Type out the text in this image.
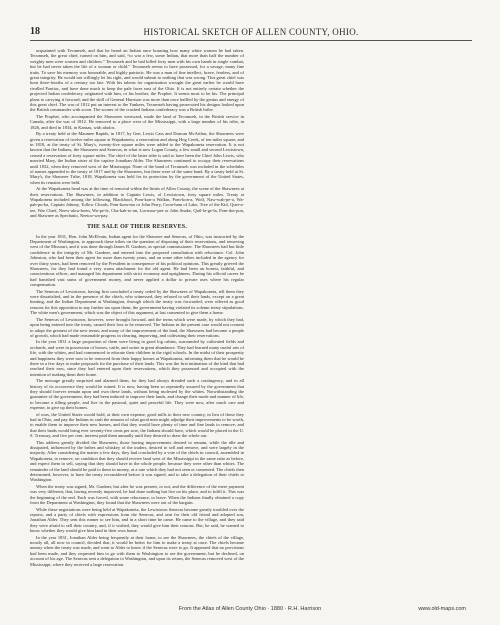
18	HISTORICAL SKETCH OF ALLEN COUNTY, OHIO.

acquainted with Tecumseh, and that he heard an Indian once boasting how many white women he had taken. Tecumseh, the great chief, turned on him, and said, “to war a few, some Indian, that more than half the number of weighty men were women and children.” Tecumseh and he had killed forty men with his own hands in single combat, but he had never taken the life of a woman or child.” Tecumseh seems to have possessed, for a savage, many fine traits. To save his memory was honorable, and highly patriotic. He was a man of fine intellect, brave, fearless, and of great integrity. He would not willingly let his right, and would submit to nothing that was wrong. This great chief was born three-fourths of a century too late. With his talents for organization wrought the great earlier he would have rivalled Pontiac, and have done much to keep the pale faces east of the Ohio. It is not entirely certain whether the projected Indian confederacy originated with him, or his brother, the Prophet. It seems most to be his. The principal plans to carrying it forward; and the skill of General Harrison was more than once baffled by the genius and energy of this great chief. The war of 1812 put an interest to the Yankees, Tecumseh having prosecuted his designs looked upon the British commander with scorn. The sooner of the crushed Indians confederacy was a British bribe.

The Prophet, who accompanied the Shawnees westward, made the land of Tecumseh, in the British service in Canada, after the war of 1812. He removed to a place west of the Mississippi, with a large number of his tribe, in 1826, and died in 1834, in Kansas, with abolos.

By a treaty held at the Maumee Rapids, in 1817, by Gen. Lewis Cass and Duncan McArthur, the Shawnees were given a reservation of twelve miles square at Wapakoneta, a reservation and along Hog Creek, of ten miles square; and in 1818, at the treaty of St. Mary's, twenty-five square miles were added to the Wapakoneta reservation. It is not known that the Indians, the Shawnees and Senecas, in what is now Logan County, a few small and second Lewistown, ceased a reservation of forty square miles. The chief of the latter tribe is said to have been the Chief John Lewis, who married Mary, the Indian sister of the captive Jonathan Alder. The Shawnees continued to occupy their reservations until 1832, when they removed west of the Mississippi. None of the band of Tecumseh was included in the schedules of names appended to the treaty of 1817 and by the Shawnees, but these were of the same band. By a treaty held at St. Mary's, the Shawnee Tribe, 1818, Wapakoneta was held for its protection by the government of the United States, when its remains were held.

At the Wapakoneta head was at the time of removal within the limits of Allen County, the scene of the Shawnees at their reservations. The Shawnees, in addition to Captain Lewis, of Lewistown, forty square miles. Treaty at Wapakoneta included among the following, Blackhoof, Pom-kon-a Walkin, Pom-kon-a, Wolf, Naw-wah-pe-a, Wa-pah-pu-ka, Captain Johnny, Tollow Clouds, Pom-kom-mo or John Perry, Coon-ham of Lake, Tree of the Kid, Quer-a-iee, War Chief, Neew-alow-keen, Wo-pe-le, Cha-kah-to-an, Lia-maw-pee or John Snake, Quil-la-ge-la, Pom-dot-pon, and Shawnee as Spechatto, Neetoo-wa-pay.

THE SALE OF THEIR RESERVES.

In the year 1831, Hon. John McElvain, Indian agent for the Shawnee and Senecas, of Ohio, was instructed by the Department of Washington, to approach these tribes on the question of disposing of their reservations, and removing west of the Missouri, and it was done through James B. Gardner, as special commissioner. The Shawnees had but little confidence in the integrity of Mr. Gardner, and entered into the proposed consultation with reluctance. Col. John Johnston, who had been their agent for more than twenty years, and on some other tribes included in the agency for over thirty years, had been removed by the President in consequence of his political opinions. This greatly grieved the Shawnees, for they had found a very warm attachment for the old agent. He had been an honest, faithful, and conscientious officer, and managed his department with strict economy and uprightness. During his official career he had banished vast sums of government money, and never applied a dollar to private uses where his regular compensation.

The Senecas of Lewistown, having first concluded a treaty ceded by the Shawnees of Wapakoneta, tell them they were dissatisfied, and in the presence of the chiefs, who witnessed, they refused to sell their lands, except on a great hunting, and the Indian Department at Washington, through which the treaty was forwarded, were offered as good reasons for this opposition to any further tax upon them; the government having violated its solemn treaty stipulations. The white men's government, which was the object of this argument, at last consented to give them a home.

The Senecas of Lewistown, however, were brought forward, and the terms which were made, by which they had, upon being entered into the treaty, caused their loss to be removed. The Indians in the present case would not consent to adopt the greatest of the new terms; and many of the improvement of the land, the Shawnees had become a people of growth, which had made reasonable progress in clearing, improving, and cultivating their reservations.

In the year 1831 a large proportion of them were living in good log cabins, surrounded by cultivated fields and orchards, and were in possession of horses, cattle, and swine in great abundance. They had learned many useful arts of life, with the whites, and had commenced to educate their children in the rigid schools. In the midst of their prosperity and happiness they were now to be removed from their happy homes at Wapakoneta, informing them that he would be there in a few days to make proposals for the purchase of their lands. This was the first intimation of the kind that had reached their ears, since they had entered upon their reservations, which they possessed and occupied with the intention of making them their home.

The message greatly surprised and alarmed them, for they had always dreaded such a contingency, and in all history of its occurrence they would be ruined. It is now, having been so repeatedly assured by the government that they should forever remain upon and own these lands, without being molested by the whites. Notwithstanding the guarantee of the government, they had been induced to improve their lands, and change their mode and manner of life, to become a tilling people, and live in the pastoral, quiet and peaceful life. They were now, after much care and expense, to give up their homes.

of ours, the United States would hold, at their own expense, good mills to their new country, in lieu of those they had in Ohio, and pay the Indians in cash the amount of what good men might adjudge their improvements to be worth, to enable them to improve their new homes, and that they would have plenty of time and fine lands to remove; and that their lands would bring ever seventy-five cents per acre, the Indians should have, which would be placed in the U. S. Treasury, and five per cent. interest paid them annually until they desired to draw the whole out.

This address greatly divided the Shawnees; those having improvements desired to remain, while the idle and dissipated, influenced by the bribes and whiskey of the traders, desired to sell and remove, and were largely in the majority. After considering the matter a few days, they had concluded by a vote of the chiefs in council, assembled in Wapakoneta, to remove, on condition that they should receive land west of the Mississippi in the same ratio as before, and expect them to sell, saying that they should have in the whole people; because they were other than whites. The remainder of the land should be paid to them in money, at a rate which they had not seen or consented. The chiefs then determined, however, to have the treaty reconsidered before it was signed, and to take a delegation of their chiefs to Washington.

When the treaty was signed, Mr. Gardner, but after he was present, or not, and the difference of the mere payment was very different; that, having recently improved, he had done nothing but live on his place, and to fulfil it. This was the beginning of the end. Each was forced, with some reluctance, to leave. When the Indians finally obtained a copy from the Department at Washington, they found that the Shawnees were out of the bargain.

While these negotiations were being held at Wapakoneta, the Lewistown Senecas became greatly troubled over the reports; and a party of chiefs with expressions from the Senecas, and sent for their old friend and adopted son, Jonathan Alder. They sent this runner to see him, and in a short time he came. He came to the village, and they said they were afraid to sell their country, and, if it wished, they would give him their reasons. But, he said, he wanted to know whether they would give him land in their own home.

In the year 1831, Jonathan Alder being frequently at their home, to see the Shawnees, the chiefs of the village, mostly all, all now in council, decided that, it would be better for him to make a treaty at once. The chiefs became uneasy when the treaty was made, and went to Alder to know if the Senecas were to go. It appeared that no provisions had been made, and they requested him to go with them to Washington to see the government; but he declined, on account of his age. The Senecas sent a delegation to Washington, and upon its return, the Senecas removed west of the Mississippi, where they received a large reservation.

From the Atlas of Allen County Ohio · 1880 · R.H. Harrison	www.old-maps.com
